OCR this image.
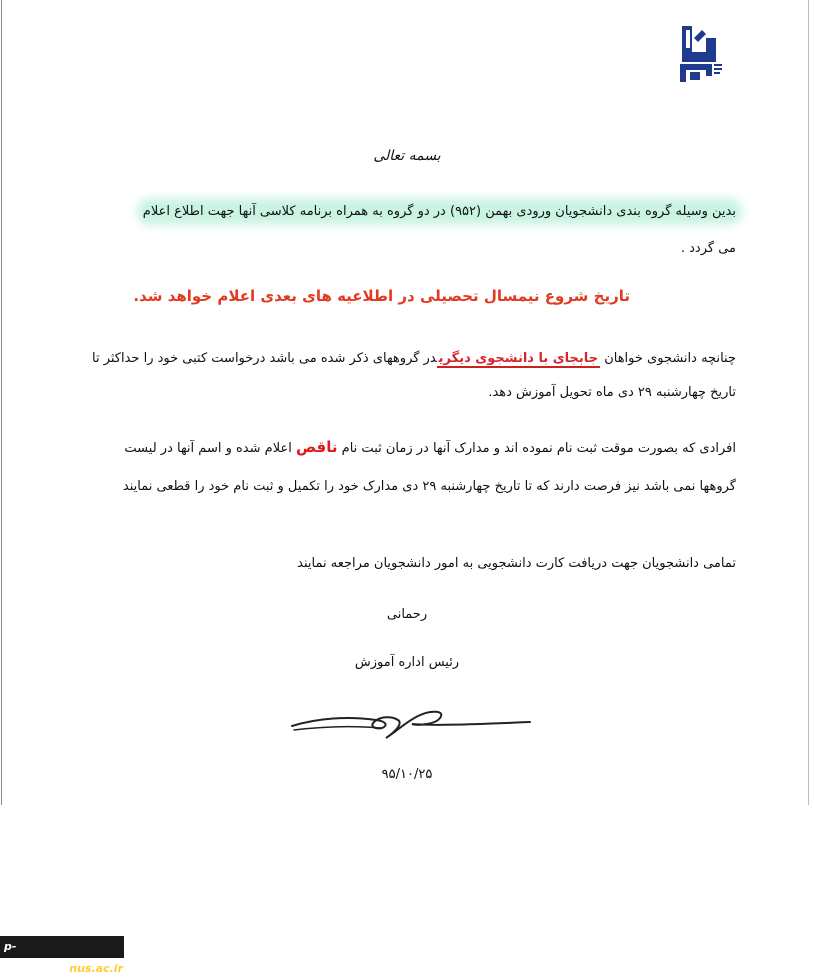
بسمه تعالی
بدین وسیله گروه بندی دانشجویان ورودی بهمن (۹۵۲) در دو گروه به همراه برنامه کلاسی آنها جهت اطلاع اعلام
می گردد .
تاریخ شروع نیمسال تحصیلی در اطلاعیه های بعدی اعلام خواهد شد.
چنانچه دانشجوی خواهان جابجای با دانشجوی دیگریدر گروههای ذکر شده می باشد درخواست کتبی خود را حداکثر تا تاریخ چهارشنبه ۲۹ دی ماه تحویل آموزش دهد.
افرادی که بصورت موقت ثبت نام نموده اند و مدارک آنها در زمان ثبت نام ناقص اعلام شده و اسم آنها در لیست گروهها نمی باشد نیز فرصت دارند که تا تاریخ چهارشنبه ۲۹ دی مدارک خود را تکمیل و ثبت نام خود را قطعی نمایند
تمامی دانشجویان جهت دریافت کارت دانشجویی به امور دانشجویان مراجعه نمایند
رحمانی
رئیس اداره آموزش
۹۵/۱۰/۲۵
p-safadasht.nus.ac.ir
